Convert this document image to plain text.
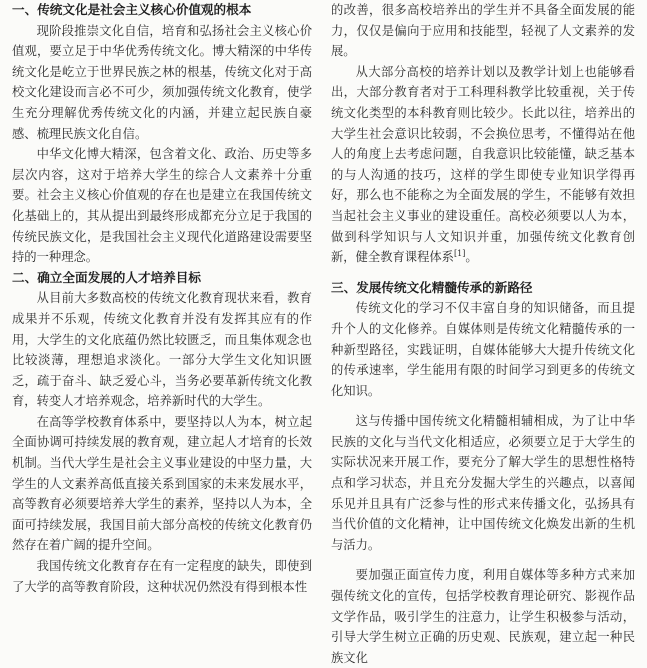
一、传统文化是社会主义核心价值观的根本

现阶段推崇文化自信，培育和弘扬社会主义核心价值观，要立足于中华优秀传统文化。博大精深的中华传统文化是屹立于世界民族之林的根基，传统文化对于高校文化建设而言必不可少，须加强传统文化教育，使学生充分理解优秀传统文化的内涵，并建立起民族自豪感、梳理民族文化自信。

中华文化博大精深，包含着文化、政治、历史等多层次内容，这对于培养大学生的综合人文素养十分重要。社会主义核心价值观的存在也是建立在我国传统文化基础上的，其从提出到最终形成都充分立足于我国的传统民族文化，是我国社会主义现代化道路建设需要坚持的一种理念。

二、确立全面发展的人才培养目标

从目前大多数高校的传统文化教育现状来看，教育成果并不乐观，传统文化教育并没有发挥其应有的作用，大学生的文化底蕴仍然比较匮乏，而且集体观念也比较淡薄，理想追求淡化。一部分大学生文化知识匮乏，疏于奋斗、缺乏爱心斗，当务必要革新传统文化教育，转变人才培养观念，培养新时代的大学生。

在高等学校教育体系中，要坚持以人为本，树立起全面协调可持续发展的教育观，建立起人才培育的长效机制。当代大学生是社会主义事业建设的中坚力量，大学生的人文素养高低直接关系到国家的未来发展水平，高等教育必须要培养大学生的素养，坚持以人为本，全面可持续发展，我国目前大部分高校的传统文化教育仍然存在着广阔的提升空间。

我国传统文化教育存在有一定程度的缺失，即使到了大学的高等教育阶段，这种状况仍然没有得到根本性

的改善，很多高校培养出的学生并不具备全面发展的能力，仅仅是偏向于应用和技能型，轻视了人文素养的发展。

从大部分高校的培养计划以及教学计划上也能够看出，大部分教育者对于工科理科教学比较重视，关于传统文化类型的本科教育则比较少。长此以往，培养出的大学生社会意识比较弱，不会换位思考，不懂得站在他人的角度上去考虑问题，自我意识比较能懂，缺乏基本的与人沟通的技巧，这样的学生即使专业知识学得再好，那么也不能称之为全面发展的学生，不能够有效担当起社会主义事业的建设重任。高校必须要以人为本，做到科学知识与人文知识并重，加强传统文化教育创新，健全教育课程体系[1]。

三、发展传统文化精髓传承的新路径

传统文化的学习不仅丰富自身的知识储备，而且提升个人的文化修养。自媒体则是传统文化精髓传承的一种新型路径，实践证明，自媒体能够大大提升传统文化的传承速率，学生能用有限的时间学习到更多的传统文化知识。

这与传播中国传统文化精髓相辅相成，为了让中华民族的文化与当代文化相适应，必须要立足于大学生的实际状况来开展工作，要充分了解大学生的思想性格特点和学习状态，并且充分发掘大学生的兴趣点，以喜闻乐见并且具有广泛参与性的形式来传播文化，弘扬具有当代价值的文化精神，让中国传统文化焕发出新的生机与活力。

要加强正面宣传力度，利用自媒体等多种方式来加强传统文化的宣传，包括学校教育理论研究、影视作品文学作品，吸引学生的注意力，让学生积极参与活动，引导大学生树立正确的历史观、民族观，建立起一种民族文化
